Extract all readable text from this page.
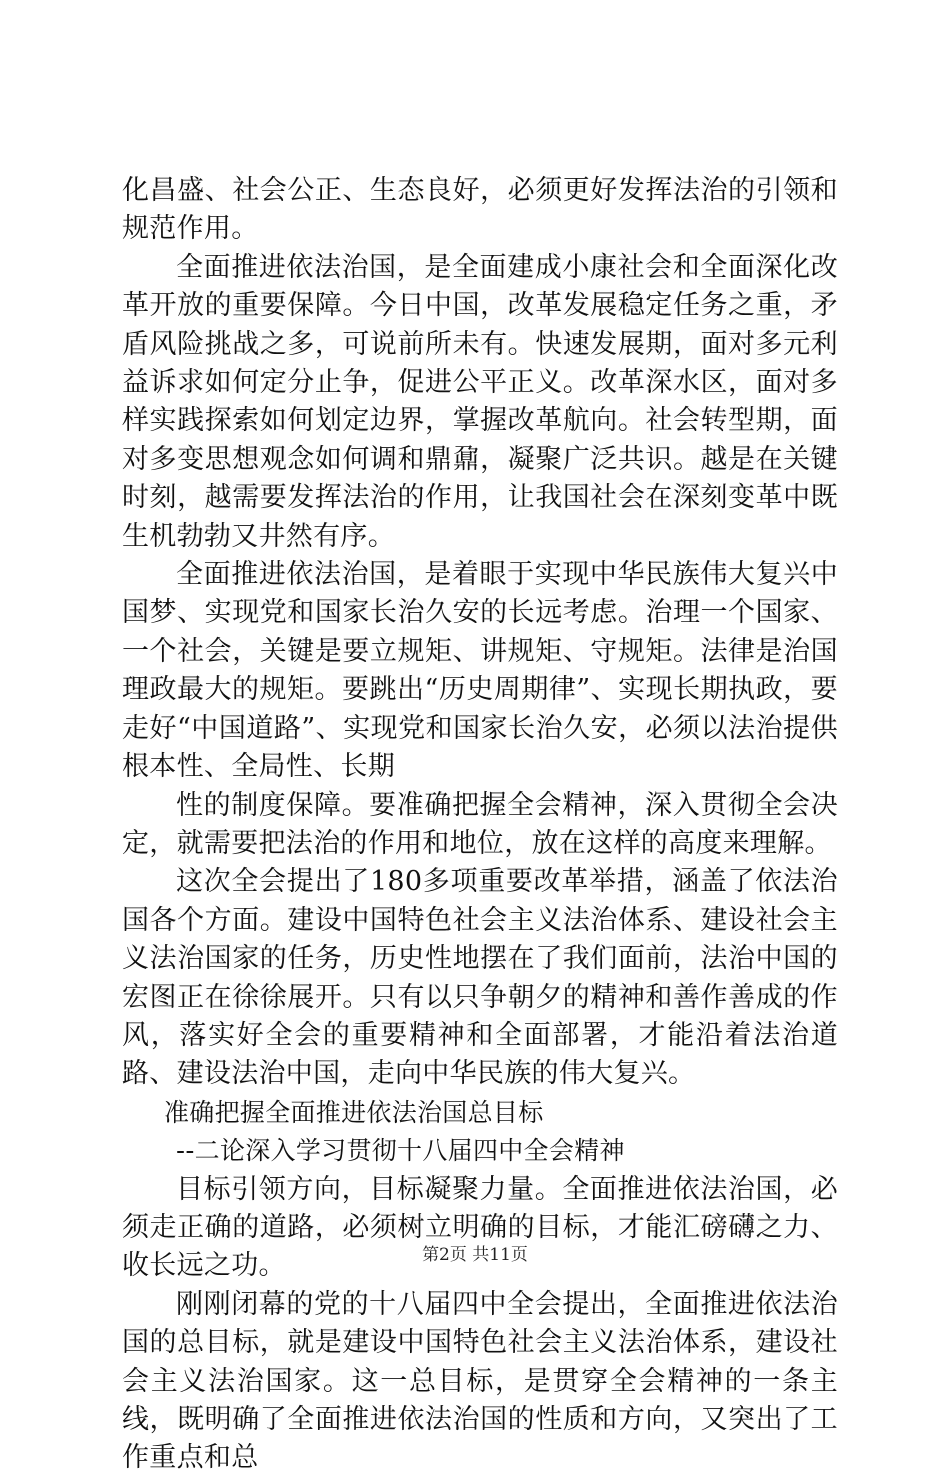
化昌盛、社会公正、生态良好，必须更好发挥法治的引领和规范作用。

全面推进依法治国，是全面建成小康社会和全面深化改革开放的重要保障。今日中国，改革发展稳定任务之重，矛盾风险挑战之多，可说前所未有。快速发展期，面对多元利益诉求如何定分止争，促进公平正义。改革深水区，面对多样实践探索如何划定边界，掌握改革航向。社会转型期，面对多变思想观念如何调和鼎鼐，凝聚广泛共识。越是在关键时刻，越需要发挥法治的作用，让我国社会在深刻变革中既生机勃勃又井然有序。

全面推进依法治国，是着眼于实现中华民族伟大复兴中国梦、实现党和国家长治久安的长远考虑。治理一个国家、一个社会，关键是要立规矩、讲规矩、守规矩。法律是治国理政最大的规矩。要跳出“历史周期律”、实现长期执政，要走好“中国道路”、实现党和国家长治久安，必须以法治提供根本性、全局性、长期

性的制度保障。要准确把握全会精神，深入贯彻全会决定，就需要把法治的作用和地位，放在这样的高度来理解。

这次全会提出了180多项重要改革举措，涵盖了依法治国各个方面。建设中国特色社会主义法治体系、建设社会主义法治国家的任务，历史性地摆在了我们面前，法治中国的宏图正在徐徐展开。只有以只争朝夕的精神和善作善成的作风，落实好全会的重要精神和全面部署，才能沿着法治道路、建设法治中国，走向中华民族的伟大复兴。

准确把握全面推进依法治国总目标

--二论深入学习贯彻十八届四中全会精神

目标引领方向，目标凝聚力量。全面推进依法治国，必须走正确的道路，必须树立明确的目标，才能汇磅礴之力、收长远之功。

刚刚闭幕的党的十八届四中全会提出，全面推进依法治国的总目标，就是建设中国特色社会主义法治体系，建设社会主义法治国家。这一总目标，是贯穿全会精神的一条主线，既明确了全面推进依法治国的性质和方向，又突出了工作重点和总

第2页 共11页
